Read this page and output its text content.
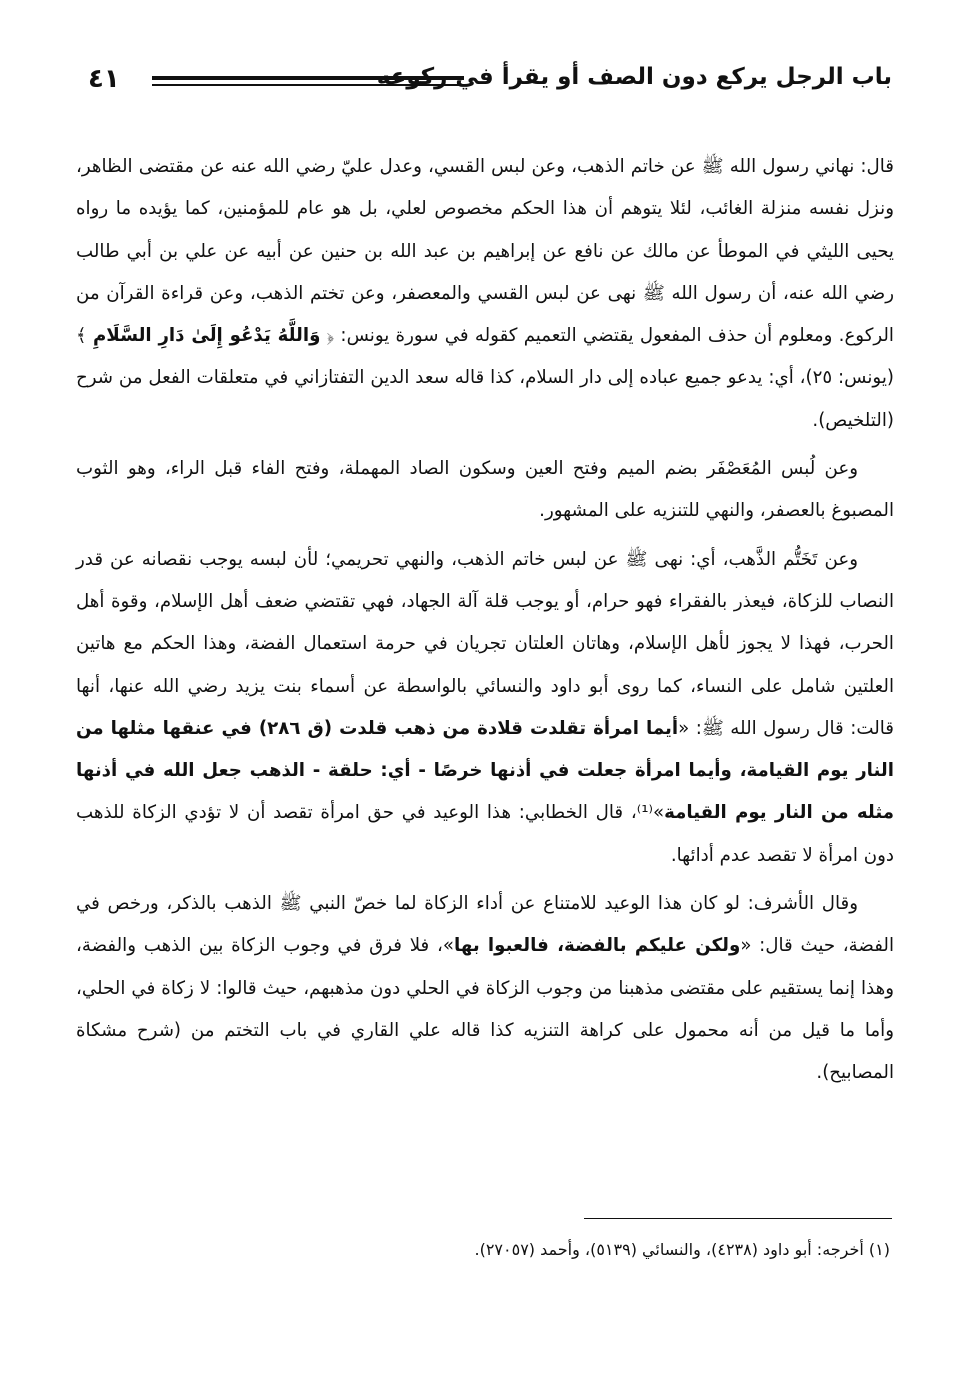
باب الرجل يركع دون الصف أو يقرأ في ركوعه
٤١

قال: نهاني رسول الله ﷺ عن خاتم الذهب، وعن لبس القسي، وعدل عليّ رضي الله عنه عن مقتضى الظاهر، ونزل نفسه منزلة الغائب، لئلا يتوهم أن هذا الحكم مخصوص لعلي، بل هو عام للمؤمنين، كما يؤيده ما رواه يحيى الليثي في الموطأ عن مالك عن نافع عن إبراهيم بن عبد الله بن حنين عن أبيه عن علي بن أبي طالب رضي الله عنه، أن رسول الله ﷺ نهى عن لبس القسي والمعصفر، وعن تختم الذهب، وعن قراءة القرآن من الركوع. ومعلوم أن حذف المفعول يقتضي التعميم كقوله في سورة يونس: ﴿ وَاللَّهُ يَدْعُو إِلَىٰ دَارِ السَّلَامِ ﴾ (يونس: ٢٥)، أي: يدعو جميع عباده إلى دار السلام، كذا قاله سعد الدين التفتازاني في متعلقات الفعل من شرح (التلخيص).

وعن لُبس المُعَصْفَر بضم الميم وفتح العين وسكون الصاد المهملة، وفتح الفاء قبل الراء، وهو الثوب المصبوغ بالعصفر، والنهي للتنزيه على المشهور.

وعن تَخَتُّم الذَّهب، أي: نهى ﷺ عن لبس خاتم الذهب، والنهي تحريمي؛ لأن لبسه يوجب نقصانه عن قدر النصاب للزكاة، فيعذر بالفقراء فهو حرام، أو يوجب قلة آلة الجهاد، فهي تقتضي ضعف أهل الإسلام، وقوة أهل الحرب، فهذا لا يجوز لأهل الإسلام، وهاتان العلتان تجريان في حرمة استعمال الفضة، وهذا الحكم مع هاتين العلتين شامل على النساء، كما روى أبو داود والنسائي بالواسطة عن أسماء بنت يزيد رضي الله عنها، أنها قالت: قال رسول الله ﷺ: «أيما امرأة تقلدت قلادة من ذهب قلدت (ق ٢٨٦) في عنقها مثلها من النار يوم القيامة، وأيما امرأة جعلت في أذنها خرصًا - أي: حلقة - الذهب جعل الله في أذنها مثله من النار يوم القيامة»⁽¹⁾، قال الخطابي: هذا الوعيد في حق امرأة تقصد أن لا تؤدي الزكاة للذهب دون امرأة لا تقصد عدم أدائها.

وقال الأشرف: لو كان هذا الوعيد للامتناع عن أداء الزكاة لما خصّ النبي ﷺ الذهب بالذكر، ورخص في الفضة، حيث قال: «ولكن عليكم بالفضة، فالعبوا بها»، فلا فرق في وجوب الزكاة بين الذهب والفضة، وهذا إنما يستقيم على مقتضى مذهبنا من وجوب الزكاة في الحلي دون مذهبهم، حيث قالوا: لا زكاة في الحلي، وأما ما قيل من أنه محمول على كراهة التنزيه كذا قاله علي القاري في باب التختم من (شرح مشكاة المصابيح).

(١) أخرجه: أبو داود (٤٢٣٨)، والنسائي (٥١٣٩)، وأحمد (٢٧٠٥٧).
